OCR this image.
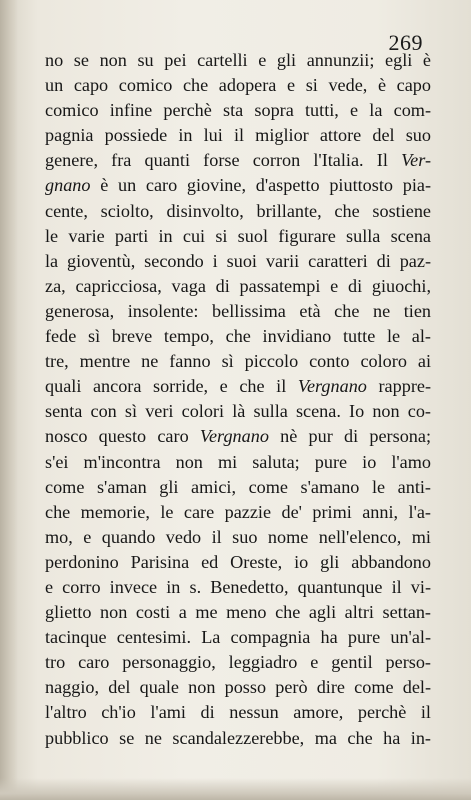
269
no se non su pei cartelli e gli annunzii; egli è
un capo comico che adopera e si vede, è capo
comico infine perchè sta sopra tutti, e la com-
pagnia possiede in lui il miglior attore del suo
genere, fra quanti forse corron l'Italia. Il Ver-
gnano è un caro giovine, d'aspetto piuttosto pia-
cente, sciolto, disinvolto, brillante, che sostiene
le varie parti in cui si suol figurare sulla scena
la gioventù, secondo i suoi varii caratteri di paz-
za, capricciosa, vaga di passatempi e di giuochi,
generosa, insolente: bellissima età che ne tien
fede sì breve tempo, che invidiano tutte le al-
tre, mentre ne fanno sì piccolo conto coloro ai
quali ancora sorride, e che il Vergnano rappre-
senta con sì veri colori là sulla scena. Io non co-
nosco questo caro Vergnano nè pur di persona;
s'ei m'incontra non mi saluta; pure io l'amo
come s'aman gli amici, come s'amano le anti-
che memorie, le care pazzie de' primi anni, l'a-
mo, e quando vedo il suo nome nell'elenco, mi
perdonino Parisina ed Oreste, io gli abbandono
e corro invece in s. Benedetto, quantunque il vi-
glietto non costi a me meno che agli altri settan-
tacinque centesimi. La compagnia ha pure un'al-
tro caro personaggio, leggiadro e gentil perso-
naggio, del quale non posso però dire come del-
l'altro ch'io l'ami di nessun amore, perchè il
pubblico se ne scandalezzerebbe, ma che ha in-
